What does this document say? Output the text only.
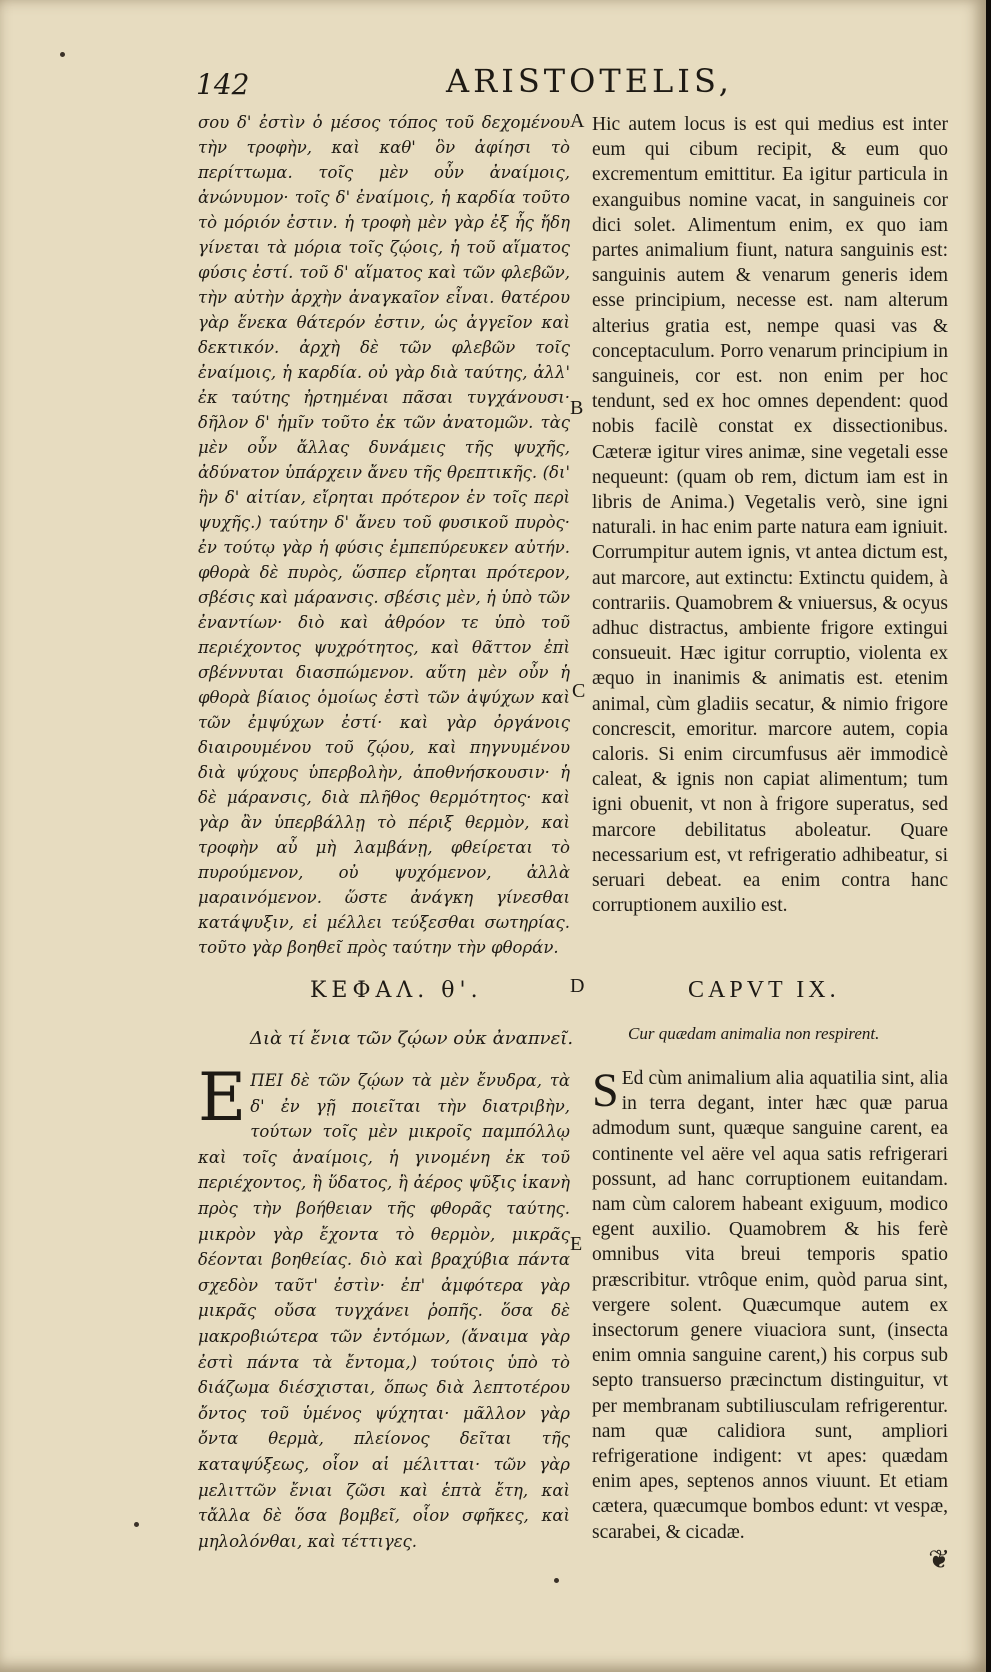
142	ARISTOTELIS,

σου δ' ἐστὶν ὁ μέσος τόπος τοῦ δεχομένου τὴν τροφὴν, καὶ καθ' ὃν ἀφίησι τὸ περίττωμα. τοῖς μὲν οὖν ἀναίμοις, ἀνώνυμον· τοῖς δ' ἐναίμοις, ἡ καρδία τοῦτο τὸ μόριόν ἐστιν. ἡ τροφὴ μὲν γὰρ ἐξ ἧς ἤδη γίνεται τὰ μόρια τοῖς ζῴοις, ἡ τοῦ αἵματος φύσις ἐστί. τοῦ δ' αἵματος καὶ τῶν φλεβῶν, τὴν αὐτὴν ἀρχὴν ἀναγκαῖον εἶναι. θατέρου γὰρ ἕνεκα θάτερόν ἐστιν, ὡς ἀγγεῖον καὶ δεκτικόν. ἀρχὴ δὲ τῶν φλεβῶν τοῖς ἐναίμοις, ἡ καρδία. οὐ γὰρ διὰ ταύτης, ἀλλ' ἐκ ταύτης ἠρτημέναι πᾶσαι τυγχάνουσι· δῆλον δ' ἡμῖν τοῦτο ἐκ τῶν ἀνατομῶν. τὰς μὲν οὖν ἄλλας δυνάμεις τῆς ψυχῆς, ἀδύνατον ὑπάρχειν ἄνευ τῆς θρεπτικῆς. (δι' ἣν δ' αἰτίαν, εἴρηται πρότερον ἐν τοῖς περὶ ψυχῆς.) ταύτην δ' ἄνευ τοῦ φυσικοῦ πυρὸς· ἐν τούτῳ γὰρ ἡ φύσις ἐμπεπύρευκεν αὐτήν. φθορὰ δὲ πυρὸς, ὥσπερ εἴρηται πρότερον, σβέσις καὶ μάρανσις. σβέσις μὲν, ἡ ὑπὸ τῶν ἐναντίων· διὸ καὶ ἀθρόον τε ὑπὸ τοῦ περιέχοντος ψυχρότητος, καὶ θᾶττον ἐπὶ σβέννυται διασπώμενον. αὕτη μὲν οὖν ἡ φθορὰ βίαιος ὁμοίως ἐστὶ τῶν ἀψύχων καὶ τῶν ἐμψύχων ἐστί· καὶ γὰρ ὀργάνοις διαιρουμένου τοῦ ζῴου, καὶ πηγνυμένου διὰ ψύχους ὑπερβολὴν, ἀποθνήσκουσιν· ἡ δὲ μάρανσις, διὰ πλῆθος θερμότητος· καὶ γὰρ ἂν ὑπερβάλλῃ τὸ πέριξ θερμὸν, καὶ τροφὴν αὖ μὴ λαμβάνῃ, φθείρεται τὸ πυρούμενον, οὐ ψυχόμενον, ἀλλὰ μαραινόμενον. ὥστε ἀνάγκη γίνεσθαι κατάψυξιν, εἰ μέλλει τεύξεσθαι σωτηρίας. τοῦτο γὰρ βοηθεῖ πρὸς ταύτην τὴν φθοράν.

A
B
C
D
E

Hic autem locus is est qui medius est inter eum qui cibum recipit, & eum quo excrementum emittitur. Ea igitur particula in exanguibus nomine vacat, in sanguineis cor dici solet. Alimentum enim, ex quo iam partes animalium fiunt, natura sanguinis est: sanguinis autem & venarum generis idem esse principium, necesse est. nam alterum alterius gratia est, nempe quasi vas & conceptaculum. Porro venarum principium in sanguineis, cor est. non enim per hoc tendunt, sed ex hoc omnes dependent: quod nobis facilè constat ex dissectionibus. Cæteræ igitur vires animæ, sine vegetali esse nequeunt: (quam ob rem, dictum iam est in libris de Anima.) Vegetalis verò, sine igni naturali. in hac enim parte natura eam igniuit. Corrumpitur autem ignis, vt antea dictum est, aut marcore, aut extinctu: Extinctu quidem, à contrariis. Quamobrem & vniuersus, & ocyus adhuc distractus, ambiente frigore extingui consueuit. Hæc igitur corruptio, violenta ex æquo in inanimis & animatis est. etenim animal, cùm gladiis secatur, & nimio frigore concrescit, emoritur. marcore autem, copia caloris. Si enim circumfusus aër immodicè caleat, & ignis non capiat alimentum; tum igni obuenit, vt non à frigore superatus, sed marcore debilitatus aboleatur. Quare necessarium est, vt refrigeratio adhibeatur, si seruari debeat. ea enim contra hanc corruptionem auxilio est.

ΚΕΦΑΛ. θ'.	CAPVT IX.
Διὰ τί ἔνια τῶν ζῴων οὐκ ἀναπνεῖ.	Cur quædam animalia non respirent.
EΠΕΙ δὲ τῶν ζῴων τὰ μὲν ἔνυδρα, τὰ δ' ἐν γῇ ποιεῖται τὴν διατριβὴν, τούτων τοῖς μὲν μικροῖς παμπόλλῳ καὶ τοῖς ἀναίμοις, ἡ γινομένη ἐκ τοῦ περιέχοντος, ἢ ὕδατος, ἢ ἀέρος ψῦξις ἱκανὴ πρὸς τὴν βοήθειαν τῆς φθορᾶς ταύτης. μικρὸν γὰρ ἔχοντα τὸ θερμὸν, μικρᾶς δέονται βοηθείας. διὸ καὶ βραχύβια πάντα σχεδὸν ταῦτ' ἐστὶν· ἐπ' ἀμφότερα γὰρ μικρᾶς οὔσα τυγχάνει ῥοπῆς. ὅσα δὲ μακροβιώτερα τῶν ἐντόμων, (ἄναιμα γὰρ ἐστὶ πάντα τὰ ἔντομα,) τούτοις ὑπὸ τὸ διάζωμα διέσχισται, ὅπως διὰ λεπτοτέρου ὄντος τοῦ ὑμένος ψύχηται· μᾶλλον γὰρ ὄντα θερμὰ, πλείονος δεῖται τῆς καταψύξεως, οἷον αἱ μέλιτται· τῶν γὰρ μελιττῶν ἔνιαι ζῶσι καὶ ἑπτὰ ἔτη, καὶ τἄλλα δὲ ὅσα βομβεῖ, οἷον σφῆκες, καὶ μηλολόνθαι, καὶ τέττιγες.
S Ed cùm animalium alia aquatilia sint, alia in terra degant, inter hæc quæ parua admodum sunt, quæque sanguine carent, ea continente vel aëre vel aqua satis refrigerari possunt, ad hanc corruptionem euitandam. nam cùm calorem habeant exiguum, modico egent auxilio. Quamobrem & his ferè omnibus vita breui temporis spatio præscribitur. vtrôque enim, quòd parua sint, vergere solent. Quæcumque autem ex insectorum genere viuaciora sunt, (insecta enim omnia sanguine carent,) his corpus sub septo transuerso præcinctum distinguitur, vt per membranam subtiliusculam refrigerentur. nam quæ calidiora sunt, ampliori refrigeratione indigent: vt apes: quædam enim apes, septenos annos viuunt. Et etiam cætera, quæcumque bombos edunt: vt vespæ, scarabei, & cicadæ.
❦
